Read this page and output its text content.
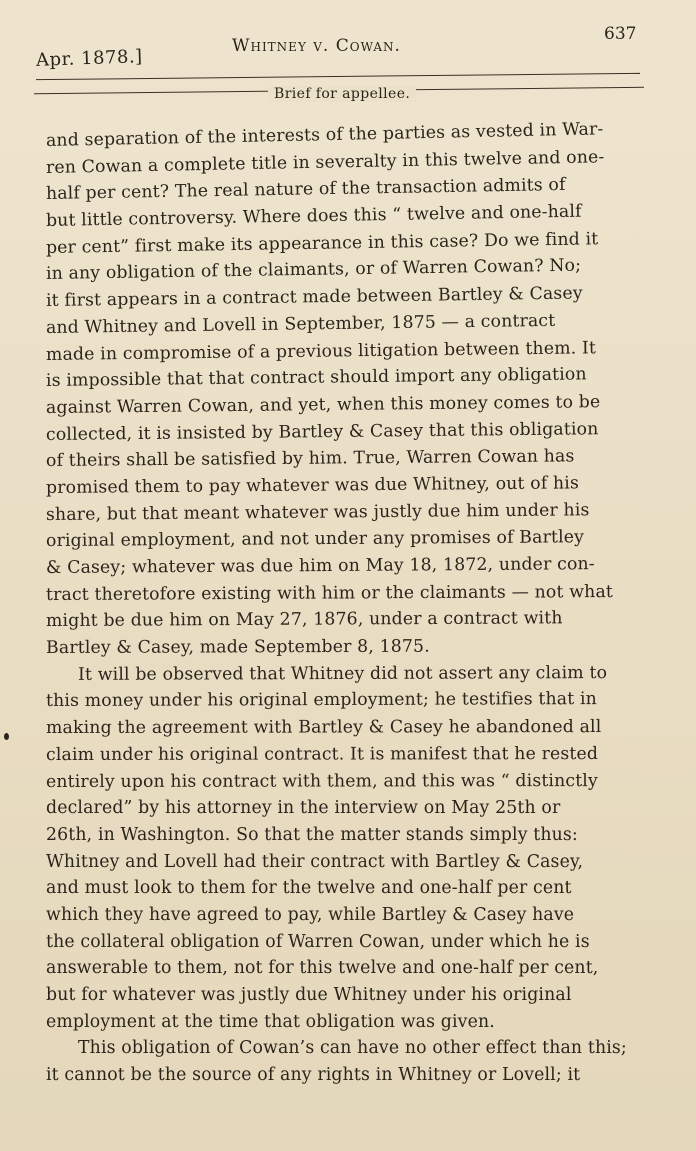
Apr. 1878.]
Whitney v. Cowan.
637
Brief for appellee.
and separation of the interests of the parties as vested in War-
ren Cowan a complete title in severalty in this twelve and one-
half per cent? The real nature of the transaction admits of
but little controversy. Where does this “ twelve and one-half
per cent” first make its appearance in this case? Do we find it
in any obligation of the claimants, or of Warren Cowan? No;
it first appears in a contract made between Bartley & Casey
and Whitney and Lovell in September, 1875 — a contract
made in compromise of a previous litigation between them. It
is impossible that that contract should import any obligation
against Warren Cowan, and yet, when this money comes to be
collected, it is insisted by Bartley & Casey that this obligation
of theirs shall be satisfied by him. True, Warren Cowan has
promised them to pay whatever was due Whitney, out of his
share, but that meant whatever was justly due him under his
original employment, and not under any promises of Bartley
& Casey; whatever was due him on May 18, 1872, under con-
tract theretofore existing with him or the claimants — not what
might be due him on May 27, 1876, under a contract with
Bartley & Casey, made September 8, 1875.
It will be observed that Whitney did not assert any claim to
this money under his original employment; he testifies that in
making the agreement with Bartley & Casey he abandoned all
claim under his original contract. It is manifest that he rested
entirely upon his contract with them, and this was “ distinctly
declared” by his attorney in the interview on May 25th or
26th, in Washington. So that the matter stands simply thus:
Whitney and Lovell had their contract with Bartley & Casey,
and must look to them for the twelve and one-half per cent
which they have agreed to pay, while Bartley & Casey have
the collateral obligation of Warren Cowan, under which he is
answerable to them, not for this twelve and one-half per cent,
but for whatever was justly due Whitney under his original
employment at the time that obligation was given.
This obligation of Cowan’s can have no other effect than this;
it cannot be the source of any rights in Whitney or Lovell; it
